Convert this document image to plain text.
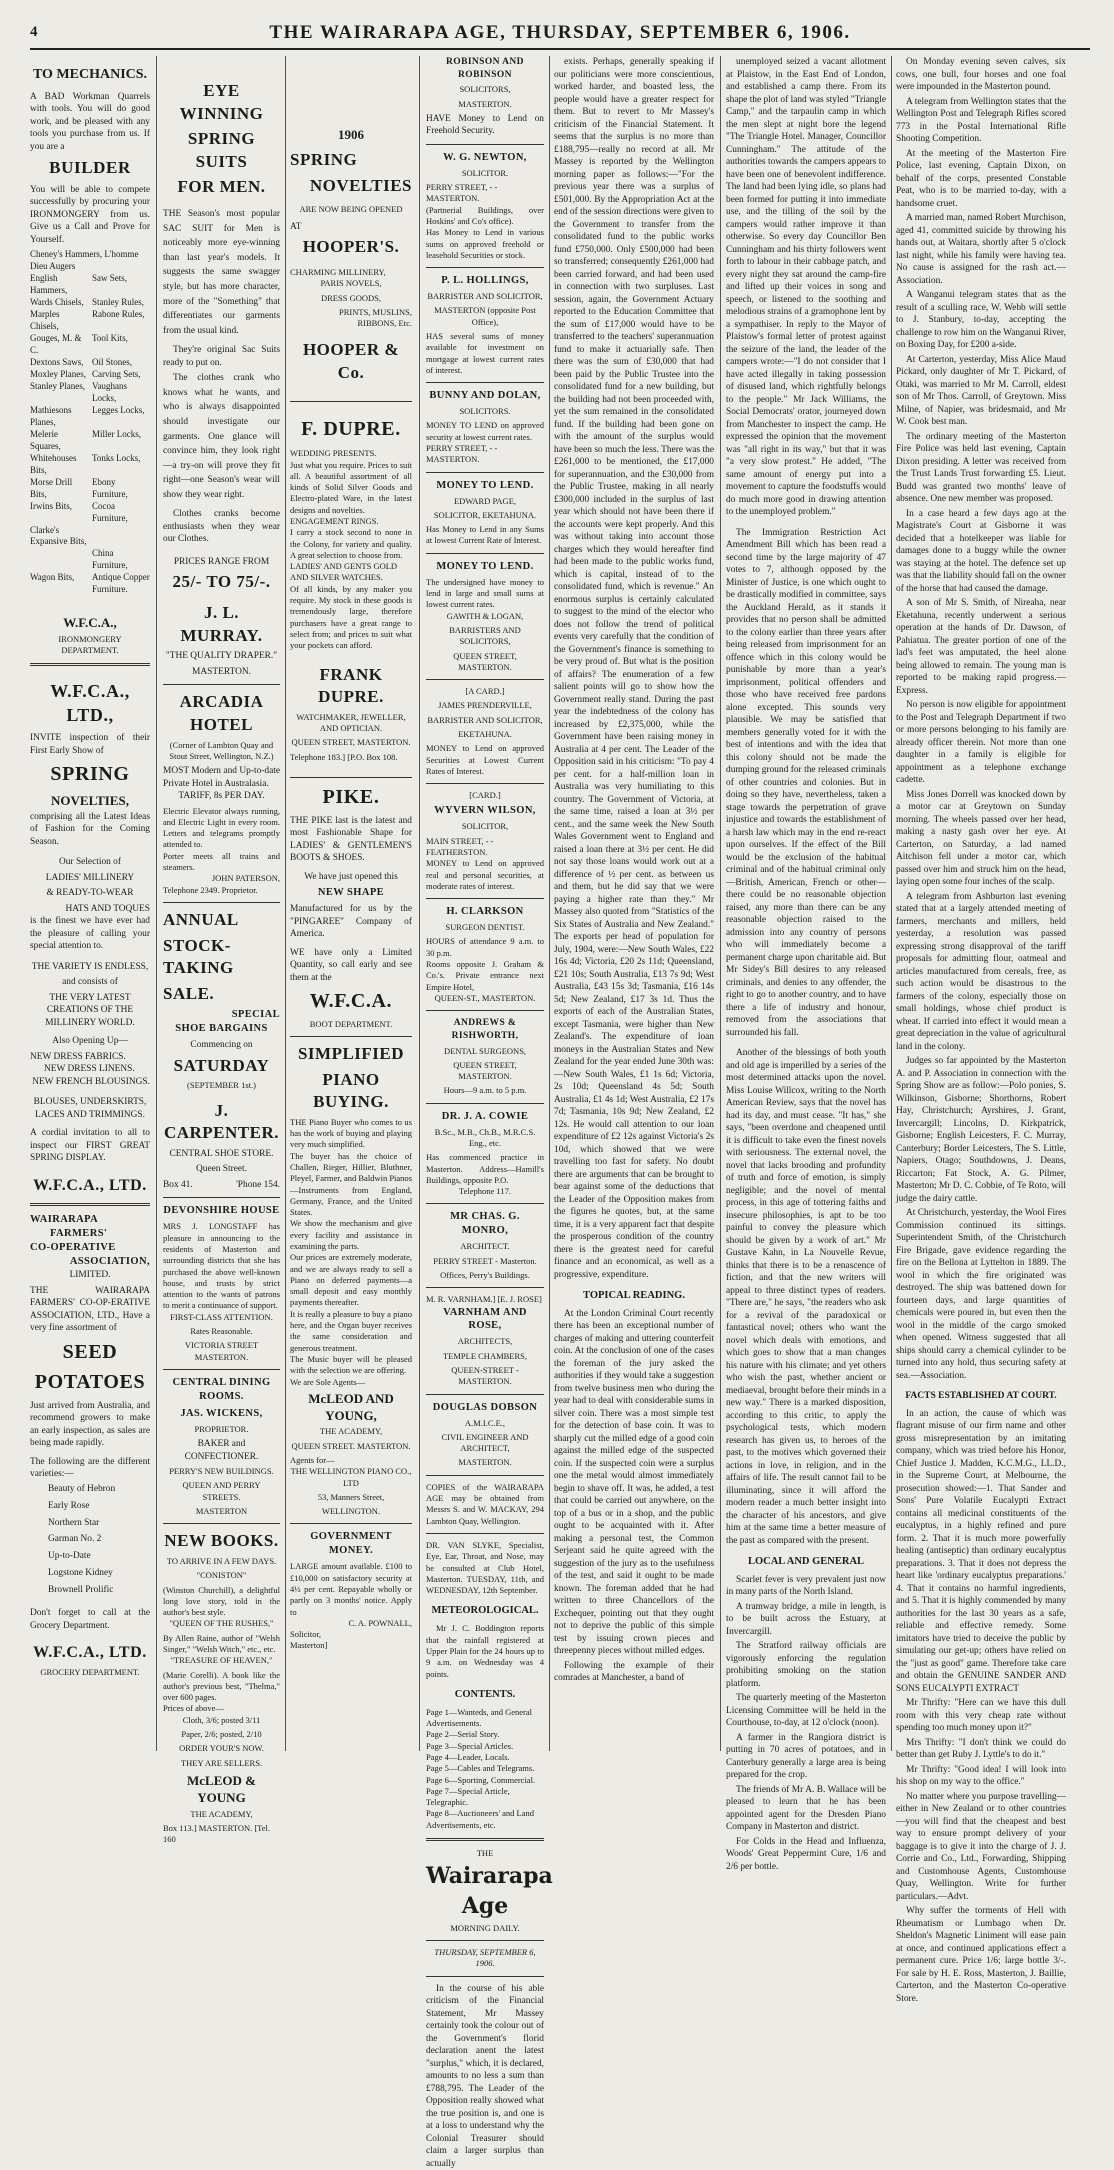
4	THE WAIRARAPA AGE, THURSDAY, SEPTEMBER 6, 1906.
TO MECHANICS.
A BAD Workman Quarrels with tools. You will do good work, and be pleased with any tools you purchase from us. If you are a
BUILDER
You will be able to compete successfully by procuring your IRONMONGERY from us. Give us a Call and Prove for Yourself.
Cheney's Hammers, L'homme Dieu Augers
English Hammers,
Saw Sets,
Wards Chisels, Stanley Rules,
Marples Chisels,
Rabone Rules,
Gouges, M. & C.
Tool Kits,
Dextons Saws, Oil Stones,
Moxley Planes, Carving Sets,
Stanley Planes, Vaughans Locks,
Mathiesons Planes,
Legges Locks,
Melerie Squares,
Miller Locks,
Whitehouses Bits,
Tonks Locks,
Morse Drill Bits,
Ebony Furniture,
Irwins Bits,	Cocoa Furniture,
Clarke's Expansive Bits,
China Furniture,
Wagon Bits,	Antique Copper Furniture.
W.F.C.A.,
IRONMONGERY DEPARTMENT.
W.F.C.A., LTD.,
INVITE inspection of their First Early Show of
SPRING
NOVELTIES,
comprising all the Latest Ideas of Fashion for the Coming Season.
Our Selection of
LADIES' MILLINERY
& READY-TO-WEAR
HATS AND TOQUES
is the finest we have ever had the pleasure of calling your special attention to.
THE VARIETY IS ENDLESS,
and consists of
THE VERY LATEST CREATIONS OF THE MILLINERY WORLD.
Also Opening Up—
NEW DRESS FABRICS.
NEW DRESS LINENS.
NEW FRENCH BLOUSINGS.
BLOUSES, UNDERSKIRTS, LACES AND TRIMMINGS.
A cordial invitation to all to inspect our FIRST GREAT SPRING DISPLAY.
W.F.C.A., LTD.
WAIRARAPA
FARMERS'
CO-OPERATIVE
ASSOCIATION,
LIMITED.
THE WAIRARAPA FARMERS' CO-OP-ERATIVE ASSOCIATION, LTD., Have a very fine assortment of
SEED
POTATOES
Just arrived from Australia, and recommend growers to make an early inspection, as sales are being made rapidly.
The following are the different varieties:—
Beauty of Hebron
Early Rose
Northern Star
Garman No. 2
Up-to-Date
Logstone Kidney
Brownell Prolific
Don't forget to call at the Grocery Department.
W.F.C.A., LTD.
GROCERY DEPARTMENT.
EYE WINNING
SPRING SUITS
FOR MEN.
THE Season's most popular SAC SUIT for Men is noticeably more eye-winning than last year's models. It suggests the same swagger style, but has more character, more of the "Something" that differentiates our garments from the usual kind.
They're original Sac Suits ready to put on.
The clothes crank who knows what he wants, and who is always disappointed should investigate our garments. One glance will convince him, they look right—a try-on will prove they fit right—one Season's wear will show they wear right.
Clothes cranks become enthusiasts when they wear our Clothes.
PRICES RANGE FROM
25/- TO 75/-.
J. L. MURRAY.
"THE QUALITY DRAPER."
MASTERTON.
ARCADIA HOTEL
(Corner of Lambton Quay and Stout Street, Wellington, N.Z.)
MOST Modern and Up-to-date Private Hotel in Australasia.
TARIFF, 8s PER DAY.
Electric Elevator always running, and Electric Light in every room. Letters and telegrams promptly attended to.
Porter meets all trains and steamers.
JOHN PATERSON,
Telephone 2349. Proprietor.
ANNUAL
STOCK-TAKING
SALE.
SPECIAL
SHOE BARGAINS
Commencing on
SATURDAY
(SEPTEMBER 1st.)
J. CARPENTER.
CENTRAL SHOE STORE.
Queen Street.
Box 41.	'Phone 154.
DEVONSHIRE HOUSE
MRS J. LONGSTAFF has pleasure in announcing to the residents of Masterton and surrounding districts that she has purchased the above well-known house, and trusts by strict attention to the wants of patrons to merit a continuance of support.
FIRST-CLASS ATTENTION.
Rates Reasonable.
VICTORIA STREET MASTERTON.
CENTRAL DINING ROOMS.
JAS. WICKENS,
PROPRIETOR.
BAKER and CONFECTIONER.
PERRY'S NEW BUILDINGS.
QUEEN AND PERRY STREETS.
MASTERTON
NEW BOOKS.
TO ARRIVE IN A FEW DAYS.
"CONISTON"
(Winston Churchill), a delightful long love story, told in the author's best style.
"QUEEN OF THE RUSHES,"
By Allen Raine, author of "Welsh Singer," "Welsh Witch," etc., etc.
"TREASURE OF HEAVEN,"
(Marie Corelli). A book like the author's previous best, "Thelma," over 600 pages.
Prices of above—
Cloth, 3/6; posted 3/11
Paper, 2/6; posted, 2/10
ORDER YOUR'S NOW.
THEY ARE SELLERS.
McLEOD & YOUNG
THE ACADEMY,
Box 113.] MASTERTON. [Tel. 160
1906
SPRING
NOVELTIES
ARE NOW BEING OPENED
AT
HOOPER'S.
CHARMING MILLINERY,
PARIS NOVELS,
DRESS GOODS,
PRINTS, MUSLINS,
RIBBONS, Etc.
HOOPER & Co.
F. DUPRE.
WEDDING PRESENTS.
Just what you require. Prices to suit all. A beautiful assortment of all kinds of Solid Silver Goods and Electro-plated Ware, in the latest designs and novelties.
ENGAGEMENT RINGS.
I carry a stock second to none in the Colony, for variety and quality. A great selection to choose from.
LADIES' AND GENTS GOLD AND SILVER WATCHES.
Of all kinds, by any maker you require. My stock in these goods is tremendously large, therefore purchasers have a great range to select from; and prices to suit what your pockets can afford.
FRANK DUPRE.
WATCHMAKER, JEWELLER, AND OPTICIAN.
QUEEN STREET, MASTERTON.
Telephone 183.] [P.O. Box 108.
PIKE.
THE PIKE last is the latest and most Fashionable Shape for LADIES' & GENTLEMEN'S BOOTS & SHOES.
We have just opened this
NEW SHAPE
Manufactured for us by the "PINGAREE" Company of America.
WE have only a Limited Quantity, so call early and see them at the
W.F.C.A.
BOOT DEPARTMENT.
SIMPLIFIED
PIANO BUYING.
THE Piano Buyer who comes to us has the work of buying and playing very much simplified.
The buyer has the choice of Challen, Rieger, Hillier, Bluthner, Pleyel, Farmer, and Baldwin Pianos—Instruments from England, Germany, France, and the United States.
We show the mechanism and give every facility and assistance in examining the parts.
Our prices are extremely moderate, and we are always ready to sell a Piano on deferred payments—a small deposit and easy monthly payments thereafter.
It is really a pleasure to buy a piano here, and the Organ buyer receives the same consideration and generous treatment.
The Music buyer will be pleased with the selection we are offering.
We are Sole Agents—
McLEOD AND YOUNG,
THE ACADEMY,
QUEEN STREET. MASTERTON.
Agents for—
THE WELLINGTON PIANO CO., LTD
53, Manners Street,
WELLINGTON.
GOVERNMENT MONEY.
LARGE amount available. £100 to £10,000 on satisfactory security at 4½ per cent. Repayable wholly or partly on 3 months' notice. Apply to
C. A. POWNALL,
Solicitor,
Masterton]
ROBINSON AND ROBINSON
SOLICITORS,
MASTERTON.
HAVE Money to Lend on Freehold Security.
W. G. NEWTON,
SOLICITOR.
PERRY STREET, - - MASTERTON.
(Partnerial Buildings, over Hoskins' and Co's office).
Has Money to Lend in various sums on approved freehold or leasehold Securities or stock.
P. L. HOLLINGS,
BARRISTER AND SOLICITOR,
MASTERTON (opposite Post Office),
HAS several sums of money available for investment on mortgage at lowest current rates of interest.
BUNNY AND DOLAN,
SOLICITORS.
MONEY TO LEND on approved security at lowest current rates.
PERRY STREET, - - MASTERTON.
MONEY TO LEND.
EDWARD PAGE,
SOLICITOR, EKETAHUNA.
Has Money to Lend in any Sums at lowest Current Rate of Interest.
MONEY TO LEND.
The undersigned have money to lend in large and small sums at lowest current rates.
GAWITH & LOGAN,
BARRISTERS AND SOLICITORS,
QUEEN STREET, MASTERTON.
[A CARD.]
JAMES PRENDERVILLE,
BARRISTER AND SOLICITOR,
EKETAHUNA.
MONEY to Lend on approved Securities at Lowest Current Rates of Interest.
[CARD.]
WYVERN WILSON,
SOLICITOR,
MAIN STREET, - - FEATHERSTON.
MONEY to Lend on approved real and personal securities, at moderate rates of interest.
H. CLARKSON
SURGEON DENTIST.
HOURS of attendance 9 a.m. to 30 p.m.
Rooms opposite J. Graham & Co.'s. Private entrance next Empire Hotel,
QUEEN-ST., MASTERTON.
ANDREWS & RISHWORTH,
DENTAL SURGEONS,
QUEEN STREET, MASTERTON.
Hours—9 a.m. to 5 p.m.
DR. J. A. COWIE
B.Sc., M.B., Ch.B., M.R.C.S. Eng., etc.
Has commenced practice in Masterton. Address—Hamill's Buildings, opposite P.O.
Telephone 117.
MR CHAS. G. MONRO,
ARCHITECT.
PERRY STREET - Masterton.
Offices, Perry's Buildings.
M. R. VARNHAM.] [E. J. ROSE]
VARNHAM AND ROSE,
ARCHITECTS,
TEMPLE CHAMBERS,
QUEEN-STREET - MASTERTON.
DOUGLAS DOBSON
A.M.I.C.E.,
CIVIL ENGINEER AND ARCHITECT,
MASTERTON.
COPIES of the WAIRARAPA AGE may be obtained from Messrs S. and W. MACKAY, 294 Lambton Quay, Wellington.
DR. VAN SLYKE, Specialist, Eye, Ear, Throat, and Nose, may be consulted at Club Hotel, Masterton. TUESDAY, 11th, and WEDNESDAY, 12th September.
METEOROLOGICAL.
Mr J. C. Boddington reports that the rainfall registered at Upper Plain for the 24 hours up to 9 a.m. on Wednesday was 4 points.
CONTENTS.
Page 1—Wanteds, and General Advertisements.
Page 2—Serial Story.
Page 3—Special Articles.
Page 4—Leader, Locals.
Page 5—Cables and Telegrams.
Page 6—Sporting, Commercial.
Page 7—Special Article, Telegraphic.
Page 8—Auctioneers' and Land Advertisements, etc.
THE
Wairarapa Age
MORNING DAILY.
THURSDAY, SEPTEMBER 6, 1906.
In the course of his able criticism of the Financial Statement, Mr Massey certainly took the colour out of the Government's florid declaration anent the latest "surplus," which, it is declared, amounts to no less a sum than £788,795. The Leader of the Opposition really showed what the true position is, and one is at a loss to understand why the Colonial Treasurer should claim a larger surplus than actually
exists. Perhaps, generally speaking if our politicians were more conscientious, worked harder, and boasted less, the people would have a greater respect for them. But to revert to Mr Massey's criticism of the Financial Statement. It seems that the surplus is no more than £188,795—really no record at all. Mr Massey is reported by the Wellington morning paper as follows:—"For the previous year there was a surplus of £501,000. By the Appropriation Act at the end of the session directions were given to the Government to transfer from the consolidated fund to the public works fund £750,000. Only £500,000 had been so transferred; consequently £261,000 had been carried forward, and had been used in connection with two surpluses. Last session, again, the Government Actuary reported to the Education Committee that the sum of £17,000 would have to be transferred to the teachers' superannuation fund to make it actuarially safe. Then there was the sum of £30,000 that had been paid by the Public Trustee into the consolidated fund for a new building, but the building had not been proceeded with, yet the sum remained in the consolidated fund. If the building had been gone on with the amount of the surplus would have been so much the less. There was the £261,000 to be mentioned, the £17,000 for superannuation, and the £30,000 from the Public Trustee, making in all nearly £300,000 included in the surplus of last year which should not have been there if the accounts were kept properly. And this was without taking into account those charges which they would hereafter find had been made to the public works fund, which is capital, instead of to the consolidated fund, which is revenue." An enormous surplus is certainly calculated to suggest to the mind of the elector who does not follow the trend of political events very carefully that the condition of the Government's finance is something to be very proud of. But what is the position of affairs? The enumeration of a few salient points will go to show how the Government really stand. During the past year the indebtedness of the colony has increased by £2,375,000, while the Government have been raising money in Australia at 4 per cent. The Leader of the Opposition said in his criticism: "To pay 4 per cent. for a half-million loan in Australia was very humiliating to this country. The Government of Victoria, at the same time, raised a loan at 3½ per cent., and the same week the New South Wales Government went to England and raised a loan there at 3½ per cent. He did not say those loans would work out at a difference of ½ per cent. as between us and them, but he did say that we were paying a higher rate than they." Mr Massey also quoted from "Statistics of the Six States of Australia and New Zealand." The exports per head of population for July, 1904, were:—New South Wales, £22 16s 4d; Victoria, £20 2s 11d; Queensland, £21 10s; South Australia, £13 7s 9d; West Australia, £43 15s 3d; Tasmania, £16 14s 5d; New Zealand, £17 3s 1d. Thus the exports of each of the Australian States, except Tasmania, were higher than New Zealand's. The expenditure of loan moneys in the Australian States and New Zealand for the year ended June 30th was:—New South Wales, £1 1s 6d; Victoria, 2s 10d; Queensland 4s 5d; South Australia, £1 4s 1d; West Australia, £2 17s 7d; Tasmania, 10s 9d; New Zealand, £2 12s. He would call attention to our loan expenditure of £2 12s against Victoria's 2s 10d, which showed that we were travelling too fast for safety. No doubt there are arguments that can be brought to bear against some of the deductions that the Leader of the Opposition makes from the figures he quotes, but, at the same time, it is a very apparent fact that despite the prosperous condition of the country there is the greatest need for careful finance and an economical, as well as a progressive, expenditure.
TOPICAL READING.
At the London Criminal Court recently there has been an exceptional number of charges of making and uttering counterfeit coin. At the conclusion of one of the cases the foreman of the jury asked the authorities if they would take a suggestion from twelve business men who during the year had to deal with considerable sums in silver coin. There was a most simple test for the detection of base coin. It was to sharply cut the milled edge of a good coin against the milled edge of the suspected coin. If the suspected coin were a surplus one the metal would almost immediately begin to shave off. It was, he added, a test that could be carried out anywhere, on the top of a bus or in a shop, and the public ought to be acquainted with it. After making a personal test, the Common Serjeant said he quite agreed with the suggestion of the jury as to the usefulness of the test, and said it ought to be made known. The foreman added that he had written to three Chancellors of the Exchequer, pointing out that they ought not to deprive the public of this simple test by issuing crown pieces and threepenny pieces without milled edges.
Following the example of their comrades at Manchester, a band of
unemployed seized a vacant allotment at Plaistow, in the East End of London, and established a camp there. From its shape the plot of land was styled "Triangle Camp," and the tarpaulin camp in which the men slept at night bore the legend "The Triangle Hotel. Manager, Councillor Cunningham." The attitude of the authorities towards the campers appears to have been one of benevolent indifference. The land had been lying idle, so plans had been formed for putting it into immediate use, and the tilling of the soil by the campers would rather improve it than otherwise. So every day Councillor Ben Cunningham and his thirty followers went forth to labour in their cabbage patch, and every night they sat around the camp-fire and lifted up their voices in song and speech, or listened to the soothing and melodious strains of a gramophone lent by a sympathiser. In reply to the Mayor of Plaistow's formal letter of protest against the seizure of the land, the leader of the campers wrote:—"I do not consider that I have acted illegally in taking possession of disused land, which rightfully belongs to the people." Mr Jack Williams, the Social Democrats' orator, journeyed down from Manchester to inspect the camp. He expressed the opinion that the movement was "all right in its way," but that it was "a very slow protest." He added, "The same amount of energy put into a movement to capture the foodstuffs would do much more good in drawing attention to the unemployed problem."
The Immigration Restriction Act Amendment Bill which has been read a second time by the large majority of 47 votes to 7, although opposed by the Minister of Justice, is one which ought to be drastically modified in committee, says the Auckland Herald, as it stands it provides that no person shall be admitted to the colony earlier than three years after being released from imprisonment for an offence which in this colony would be punishable by more than a year's imprisonment, political offenders and those who have received free pardons alone excepted. This sounds very plausible. We may be satisfied that members generally voted for it with the best of intentions and with the idea that this colony should not be made the dumping ground for the released criminals of other countries and colonies. But in doing so they have, nevertheless, taken a stage towards the perpetration of grave injustice and towards the establishment of a harsh law which may in the end re-react upon ourselves. If the effect of the Bill would be the exclusion of the habitual criminal and of the habitual criminal only—British, American, French or other—there could be no reasonable objection raised, any more than there can be any reasonable objection raised to the admission into any country of persons who will immediately become a permanent charge upon charitable aid. But Mr Sidey's Bill desires to any released criminals, and denies to any offender, the right to go to another country, and to have there a life of industry and honour, removed from the associations that surrounded his fall.
Another of the blessings of both youth and old age is imperilled by a series of the most determined attacks upon the novel. Miss Louise Willcox, writing to the North American Review, says that the novel has had its day, and must cease. "It has," she says, "been overdone and cheapened until it is difficult to take even the finest novels with seriousness. The external novel, the novel that lacks brooding and profundity of truth and force of emotion, is simply negligible; and the novel of mental process, in this age of tottering faiths and insecure philosophies, is apt to be too painful to convey the pleasure which should be given by a work of art." Mr Gustave Kahn, in La Nouvelle Revue, thinks that there is to be a renascence of fiction, and that the new writers will appeal to three distinct types of readers. "There are," he says, "the readers who ask for a revival of the paradoxical or fantastical novel; others who want the novel which deals with emotions, and which goes to show that a man changes his nature with his climate; and yet others who wish the past, whether ancient or mediaeval, brought before their minds in a new way." There is a marked disposition, according to this critic, to apply the psychological tests, which modern research has given us, to heroes of the past, to the motives which governed their actions in love, in religion, and in the affairs of life. The result cannot fail to be illuminating, since it will afford the modern reader a much better insight into the character of his ancestors, and give him at the same time a better measure of the past as compared with the present.
LOCAL AND GENERAL
Scarlet fever is very prevalent just now in many parts of the North Island.
A tramway bridge, a mile in length, is to be built across the Estuary, at Invercargill.
The Stratford railway officials are vigorously enforcing the regulation prohibiting smoking on the station platform.
The quarterly meeting of the Masterton Licensing Committee will be held in the Courthouse, to-day, at 12 o'clock (noon).
A farmer in the Rangiora district is putting in 70 acres of potatoes, and in Canterbury generally a large area is being prepared for the crop.
The friends of Mr A. B. Wallace will be pleased to learn that he has been appointed agent for the Dresden Piano Company in Masterton and district.
For Colds in the Head and Influenza, Woods' Great Peppermint Cure, 1/6 and 2/6 per bottle.
On Monday evening seven calves, six cows, one bull, four horses and one foal were impounded in the Masterton pound.
A telegram from Wellington states that the Wellington Post and Telegraph Rifles scored 773 in the Postal International Rifle Shooting Competition.
At the meeting of the Masterton Fire Police, last evening, Captain Dixon, on behalf of the corps, presented Constable Peat, who is to be married to-day, with a handsome cruet.
A married man, named Robert Murchison, aged 41, committed suicide by throwing his hands out, at Waitara, shortly after 5 o'clock last night, while his family were having tea. No cause is assigned for the rash act.—Association.
A Wanganui telegram states that as the result of a sculling race, W. Webb will settle to J. Stanbury, to-day, accepting the challenge to row him on the Wanganui River, on Boxing Day, for £200 a-side.
At Carterton, yesterday, Miss Alice Maud Pickard, only daughter of Mr T. Pickard, of Otaki, was married to Mr M. Carroll, eldest son of Mr Thos. Carroll, of Greytown. Miss Milne, of Napier, was bridesmaid, and Mr W. Cook best man.
The ordinary meeting of the Masterton Fire Police was held last evening, Captain Dixon presiding. A letter was received from the Trust Lands Trust forwarding £5. Lieut. Budd was granted two months' leave of absence. One new member was proposed.
In a case heard a few days ago at the Magistrate's Court at Gisborne it was decided that a hotelkeeper was liable for damages done to a buggy while the owner was staying at the hotel. The defence set up was that the liability should fall on the owner of the horse that had caused the damage.
A son of Mr S. Smith, of Nireaha, near Eketahuna, recently underwent a serious operation at the hands of Dr. Dawson, of Pahiatua. The greater portion of one of the lad's feet was amputated, the heel alone being allowed to remain. The young man is reported to be making rapid progress.—Express.
No person is now eligible for appointment to the Post and Telegraph Department if two or more persons belonging to his family are already officer therein. Not more than one daughter in a family is eligible for appointment as a telephone exchange cadette.
Miss Jones Dorrell was knocked down by a motor car at Greytown on Sunday morning. The wheels passed over her head, making a nasty gash over her eye. At Carterton, on Saturday, a lad named Aitchison fell under a motor car, which passed over him and struck him on the head, laying open some four inches of the scalp.
A telegram from Ashburton last evening stated that at a largely attended meeting of farmers, merchants and millers, held yesterday, a resolution was passed expressing strong disapproval of the tariff proposals for admitting flour, oatmeal and articles manufactured from cereals, free, as such action would be disastrous to the farmers of the colony, especially those on small holdings, whose chief product is wheat. If carried into effect it would mean a great depreciation in the value of agricultural land in the colony.
Judges so far appointed by the Masterton A. and P. Association in connection with the Spring Show are as follow:—Polo ponies, S. Wilkinson, Gisborne; Shorthorns, Robert Hay, Christchurch; Ayrshires, J. Grant, Invercargill; Lincolns, D. Kirkpatrick, Gisborne; English Leicesters, F. C. Murray, Canterbury; Border Leicesters, The S. Little, Napiers, Otago; Southdowns, J. Deans, Riccarton; Fat Stock, A. G. Pilmer, Masterton; Mr D. C. Cobbie, of Te Roto, will judge the dairy cattle.
At Christchurch, yesterday, the Wool Fires Commission continued its sittings. Superintendent Smith, of the Christchurch Fire Brigade, gave evidence regarding the fire on the Bellona at Lyttelton in 1889. The wool in which the fire originated was destroyed. The ship was battened down for fourteen days, and large quantities of chemicals were poured in, but even then the wool in the middle of the cargo smoked when opened. Witness suggested that all ships should carry a chemical cylinder to be turned into any hold, thus securing safety at sea.—Association.
FACTS ESTABLISHED AT COURT.
In an action, the cause of which was flagrant misuse of our firm name and other gross misrepresentation by an imitating company, which was tried before his Honor, Chief Justice J. Madden, K.C.M.G., LL.D., in the Supreme Court, at Melbourne, the prosecution showed:—1. That Sander and Sons' Pure Volatile Eucalypti Extract contains all medicinal constituents of the eucalyptus, in a highly refined and pure form. 2. That it is much more powerfully healing (antiseptic) than ordinary eucalyptus preparations. 3. That it does not depress the heart like 'ordinary eucalyptus preparations.' 4. That it contains no harmful ingredients, and 5. That it is highly commended by many authorities for the last 30 years as a safe, reliable and effective remedy. Some imitators have tried to deceive the public by simulating our get-up; others have relied on the "just as good" game. Therefore take care and obtain the GENUINE SANDER AND SONS EUCALYPTI EXTRACT
Mr Thrifty: "Here can we have this dull room with this very cheap rate without spending too much money upon it?"
Mrs Thrifty: "I don't think we could do better than get Ruby J. Lyttle's to do it."
Mr Thrifty: "Good idea! I will look into his shop on my way to the office."
No matter where you purpose travelling—either in New Zealand or to other countries—you will find that the cheapest and best way to ensure prompt delivery of your baggage is to give it into the charge of J. J. Corrie and Co., Ltd., Forwarding, Shipping and Customhouse Agents, Customhouse Quay, Wellington. Write for further particulars.—Advt.
Why suffer the torments of Hell with Rheumatism or Lumbago when Dr. Sheldon's Magnetic Liniment will ease pain at once, and continued applications effect a permanent cure. Price 1/6; large bottle 3/-. For sale by H. E. Ross, Masterton, J. Baillie, Carterton, and the Masterton Co-operative Store.
